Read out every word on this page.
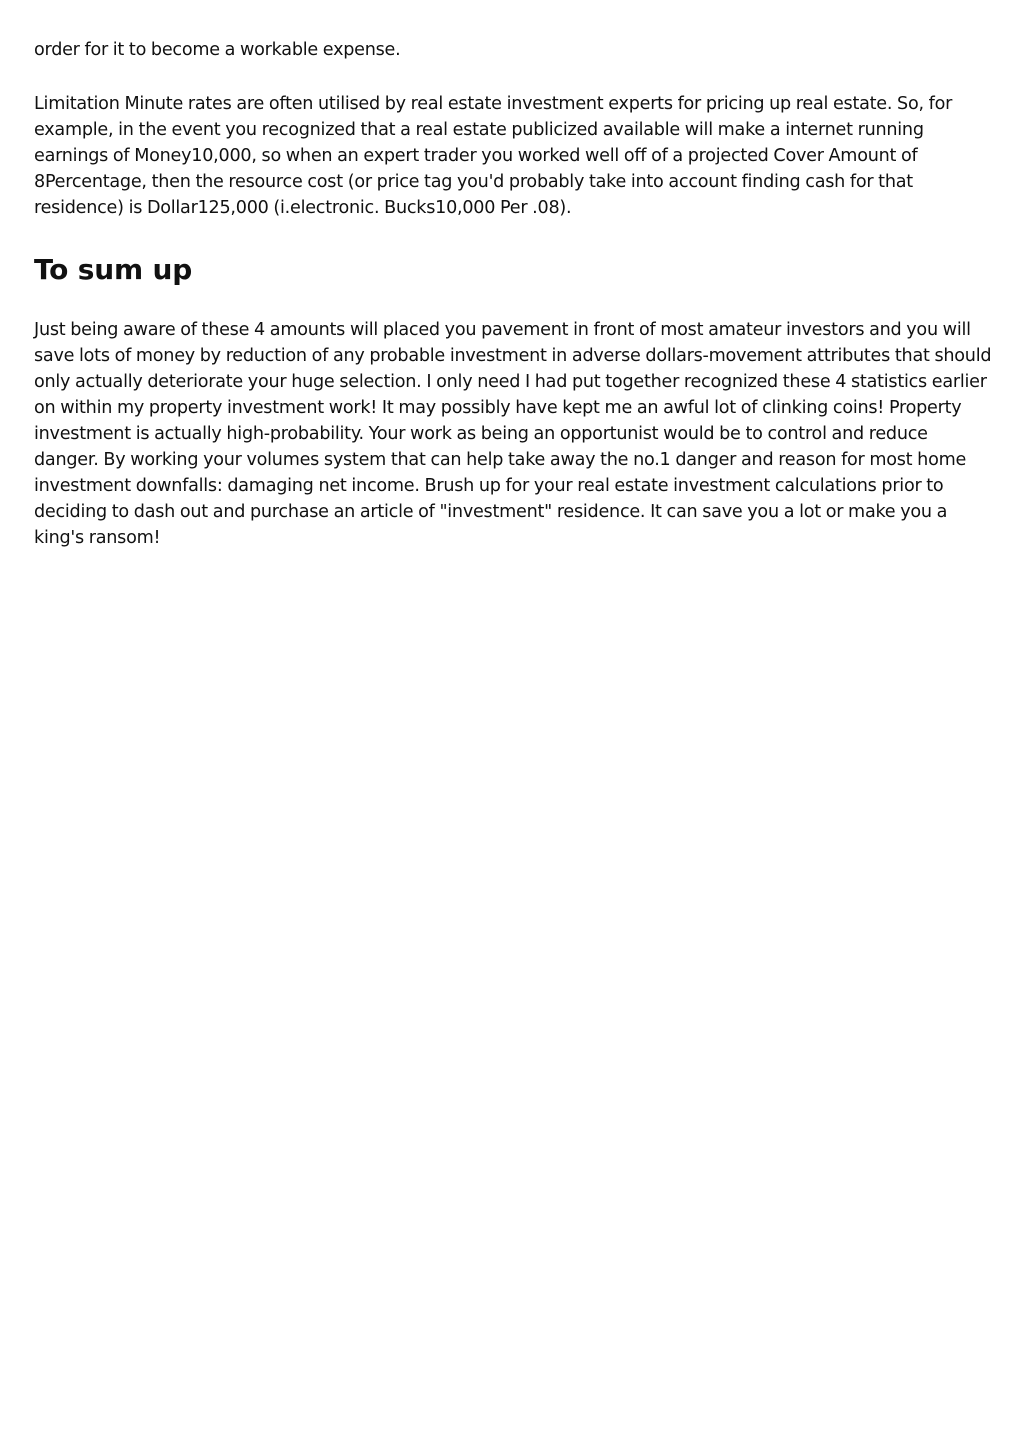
order for it to become a workable expense.

Limitation Minute rates are often utilised by real estate investment experts for pricing up real estate. So, for example, in the event you recognized that a real estate publicized available will make a internet running earnings of Money10,000, so when an expert trader you worked well off of a projected Cover Amount of 8Percentage, then the resource cost (or price tag you'd probably take into account finding cash for that residence) is Dollar125,000 (i.electronic. Bucks10,000 Per .08).

To sum up

Just being aware of these 4 amounts will placed you pavement in front of most amateur investors and you will save lots of money by reduction of any probable investment in adverse dollars-movement attributes that should only actually deteriorate your huge selection. I only need I had put together recognized these 4 statistics earlier on within my property investment work! It may possibly have kept me an awful lot of clinking coins! Property investment is actually high-probability. Your work as being an opportunist would be to control and reduce danger. By working your volumes system that can help take away the no.1 danger and reason for most home investment downfalls: damaging net income. Brush up for your real estate investment calculations prior to deciding to dash out and purchase an article of "investment" residence. It can save you a lot or make you a king's ransom!
